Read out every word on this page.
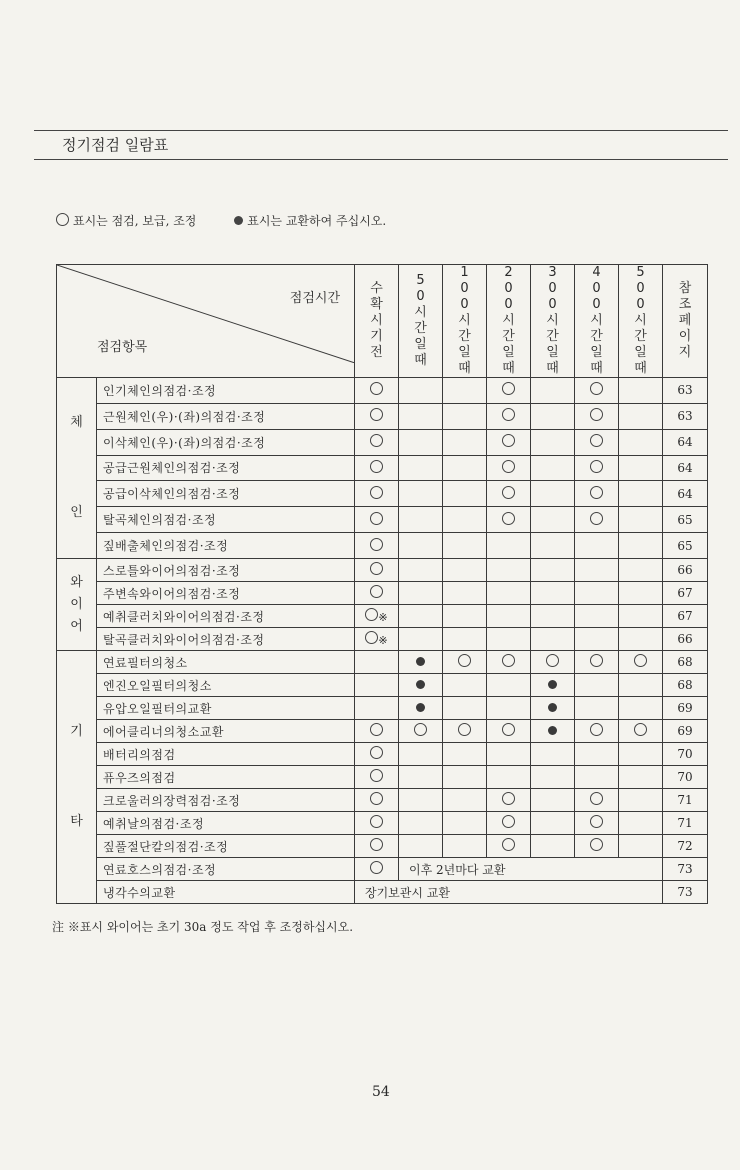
정기점검 일람표
표시는 점검, 보급, 조정	표시는 교환하여 주십시오.
점검시간
점검항목		수확시기전	50시간일때	100시간일때	200시간일때	300시간일때	400시간일때	500시간일때	참조페이지

체 인	인기체인의점검·조정								63
	근원체인(우)·(좌)의점검·조정								63
	이삭체인(우)·(좌)의점검·조정								64
	공급근원체인의점검·조정								64
	공급이삭체인의점검·조정								64
	탈곡체인의점검·조정								65
	짚배출체인의점검·조정								65

와 이 어	스로틀와이어의점검·조정								66
	주변속와이어의점검·조정								67
	예취클러치와이어의점검·조정	※							67
	탈곡클러치와이어의점검·조정	※							66

기 타	연료필터의청소								68
	엔진오일필터의청소								68
	유압오일필터의교환								69
	에어클리너의청소교환								69
	배터리의점검								70
	퓨우즈의점검								70
	크로울러의장력점검·조정								71
	예취날의점검·조정								71
	짚풀절단칼의점검·조정								72
	연료호스의점검·조정		이후 2년마다 교환						73
	냉각수의교환	장기보관시 교환							73
注 ※표시 와이어는 초기 30a 정도 작업 후 조정하십시오.
54
